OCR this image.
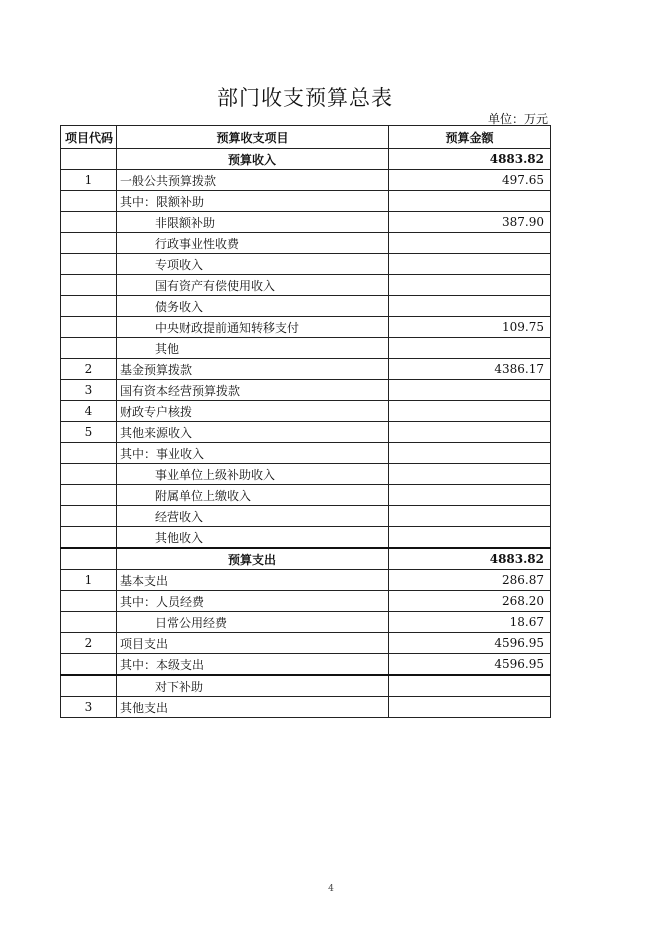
部门收支预算总表
单位：万元
项目代码	预算收支项目	预算金额
	预算收入	4883.82
1	一般公共预算拨款	497.65
	其中：限额补助	
	非限额补助	387.90
	行政事业性收费	
	专项收入	
	国有资产有偿使用收入	
	债务收入	
	中央财政提前通知转移支付	109.75
	其他	
2	基金预算拨款	4386.17
3	国有资本经营预算拨款	
4	财政专户核拨	
5	其他来源收入	
	其中：事业收入	
	事业单位上级补助收入	
	附属单位上缴收入	
	经营收入	
	其他收入	
	预算支出	4883.82
1	基本支出	286.87
	其中：人员经费	268.20
	日常公用经费	18.67
2	项目支出	4596.95
	其中：本级支出	4596.95
	对下补助	
3	其他支出	
4
